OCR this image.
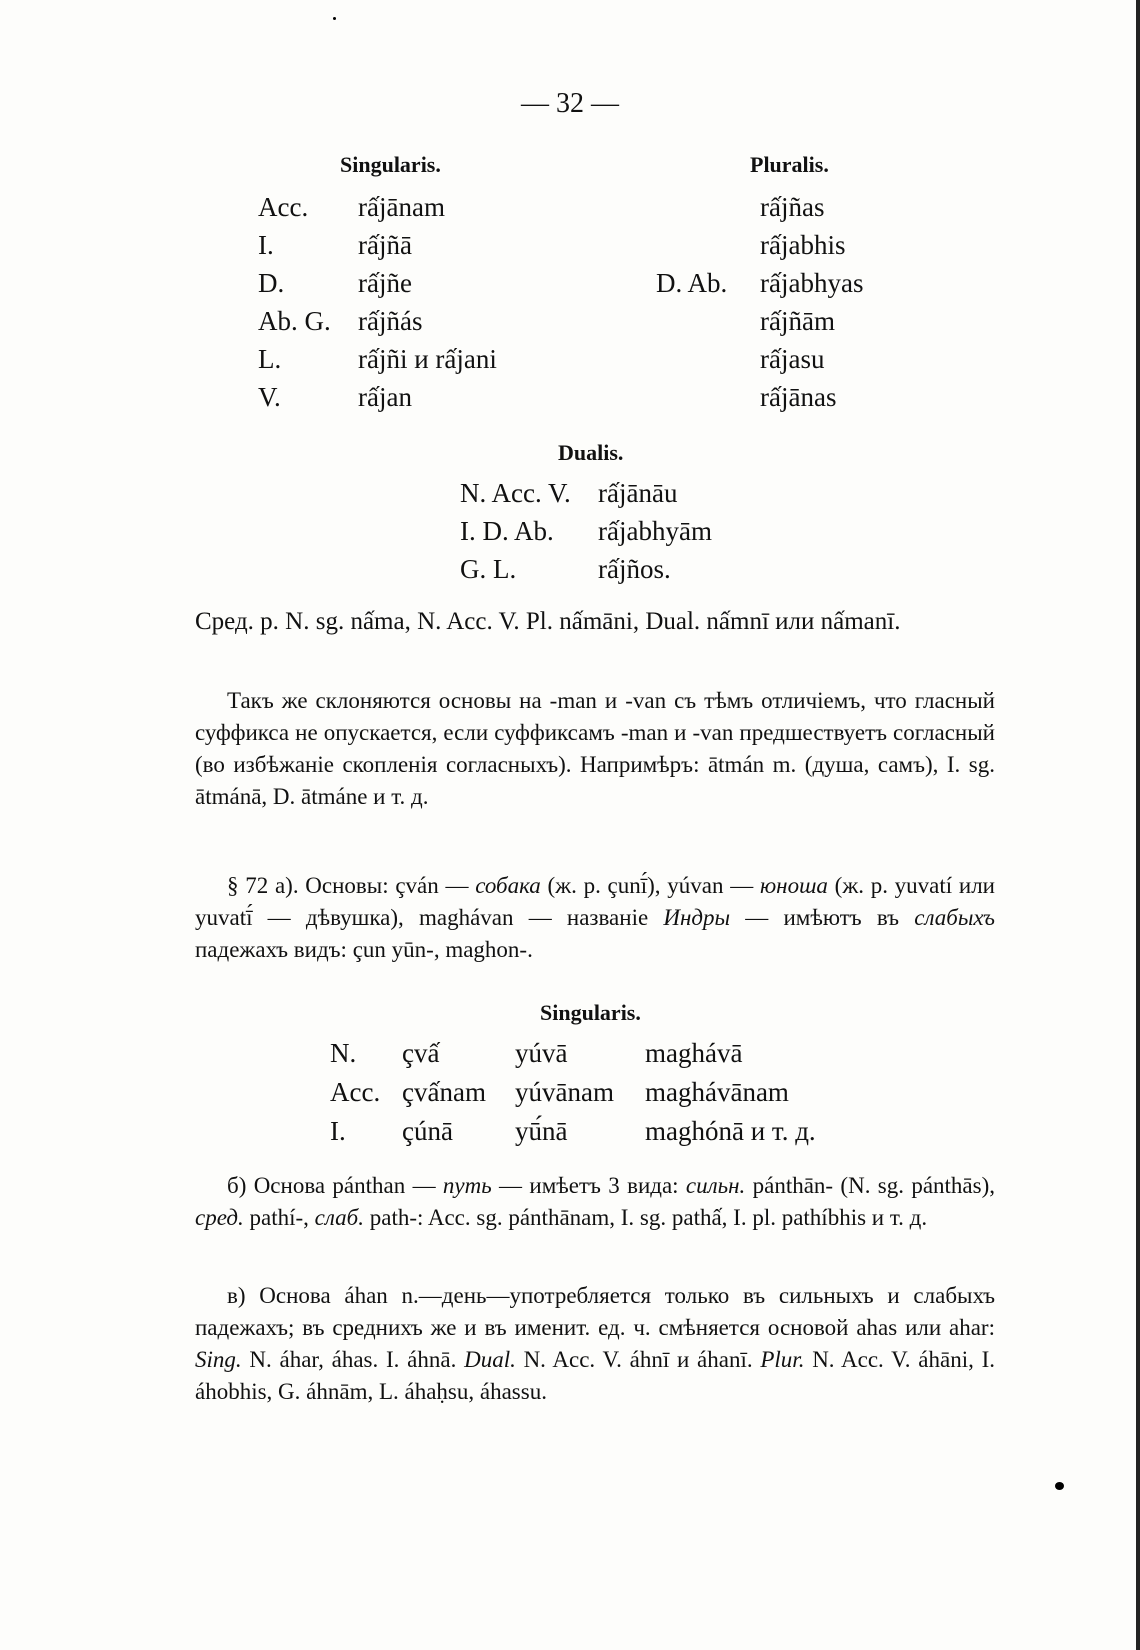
— 32 —
Singularis.	Pluralis.
Acc. rấjānam	rấjñas
I.	rấjñā	rấjabhis
D.	rấjñe	D. Ab. rấjabhyas
Ab. G. rấjñás	rấjñām
L.	rấjñi и rấjani	rấjasu
V.	rấjan	rấjānas
Dualis.
N. Acc. V. rấjānāu
I. D. Ab. rấjabhyām
G. L.	rấjños.

Сред. р. N. sg. nấma, N. Acc. V. Pl. nấmāni, Dual. nấmnī или nấmanī.

Такъ же склоняются основы на -man и -van съ тѣмъ отличіемъ, что гласный суффикса не опускается, если суффиксамъ -man и -van предшествуетъ согласный (во избѣжаніе скопленія согласныхъ). Напримѣръ: ātmán m. (душа, самъ), I. sg. ātmánā, D. ātmáne и т. д.

§ 72 а). Основы: çván — собака (ж. р. çunī́), yúvan — юноша (ж. р. yuvatí или yuvatī́ — дѣвушка), maghávan — названіе Индры — имѣютъ въ слабыхъ падежахъ видъ: çun yūn-, maghon-.

Singularis.
N. çvấ	yúvā	maghávā
Acc. çvấnam yúvānam maghávānam
I. çúnā yū́nā	maghónā и т. д.

б) Основа pánthan — путь — имѣетъ 3 вида: сильн. pánthān- (N. sg. pánthās), сред. pathí-, слаб. path-: Acc. sg. pánthānam, I. sg. pathấ, I. pl. pathíbhis и т. д.

в) Основа áhan n.—день—употребляется только въ сильныхъ и слабыхъ падежахъ; въ среднихъ же и въ именит. ед. ч. смѣняется основой ahas или ahar: Sing. N. áhar, áhas. I. áhnā. Dual. N. Acc. V. áhnī и áhanī. Plur. N. Acc. V. áhāni, I. áhobhis, G. áhnām, L. áhaḥsu, áhassu.
